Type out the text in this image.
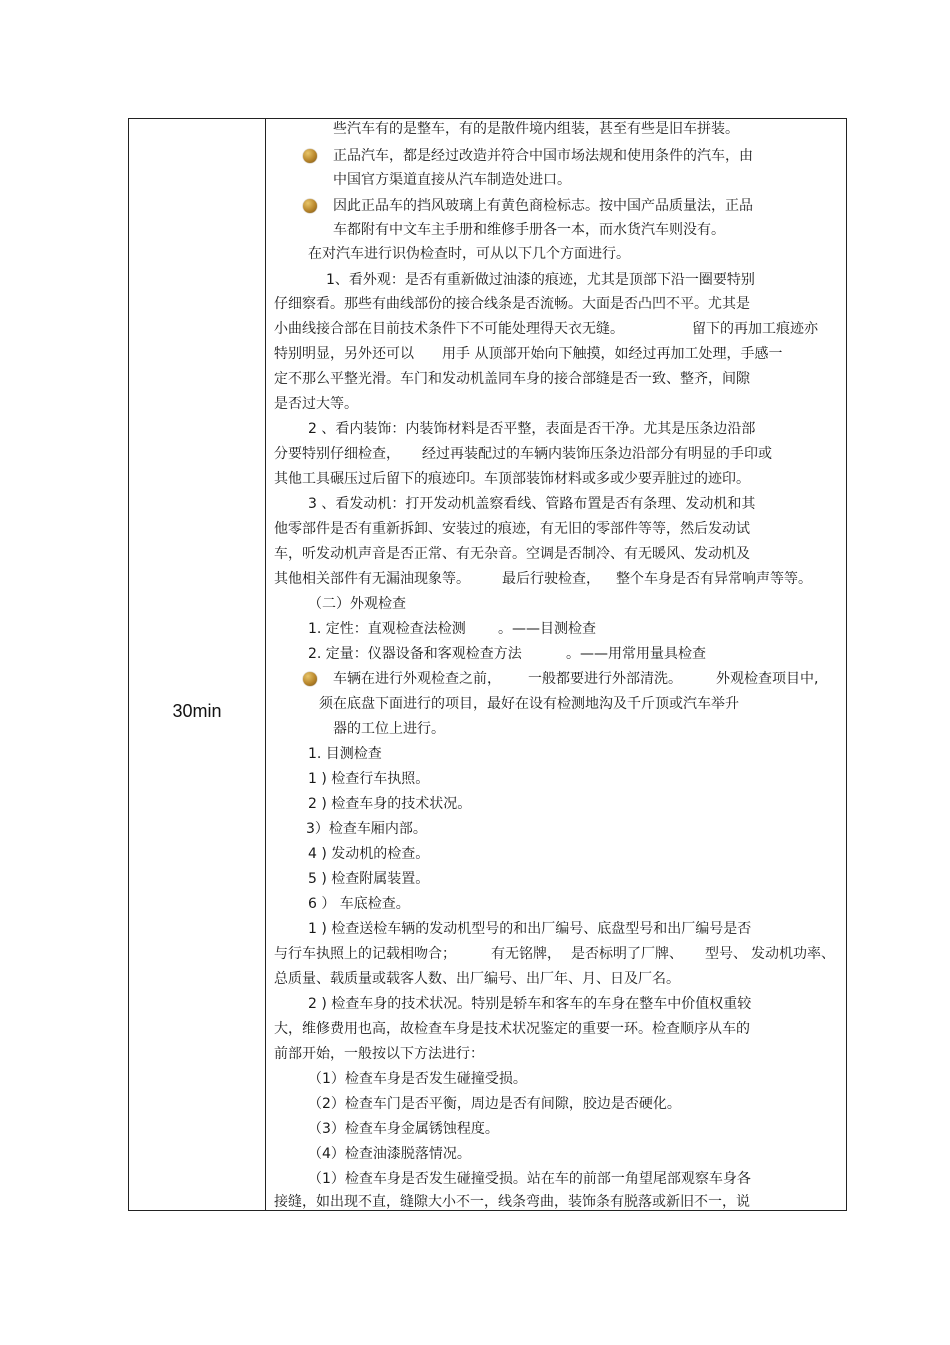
30min
些汽车有的是整车，有的是散件境内组装，甚至有些是旧车拼装。
正品汽车，都是经过改造并符合中国市场法规和使用条件的汽车，由
中国官方渠道直接从汽车制造处进口。
因此正品车的挡风玻璃上有黄色商检标志。按中国产品质量法，正品
车都附有中文车主手册和维修手册各一本，而水货汽车则没有。
在对汽车进行识伪检查时，可从以下几个方面进行。
1、看外观：是否有重新做过油漆的痕迹，尤其是顶部下沿一圈要特别
仔细察看。那些有曲线部份的接合线条是否流畅。大面是否凸凹不平。尤其是
小曲线接合部在目前技术条件下不可能处理得天衣无缝。	留下的再加工痕迹亦
特别明显，另外还可以 用手 从顶部开始向下触摸，如经过再加工处理，手感一
定不那么平整光滑。车门和发动机盖同车身的接合部缝是否一致、整齐，间隙
是否过大等。
2 、看内装饰：内装饰材料是否平整，表面是否干净。尤其是压条边沿部
分要特别仔细检查， 经过再装配过的车辆内装饰压条边沿部分有明显的手印或
其他工具碾压过后留下的痕迹印。车顶部装饰材料或多或少要弄脏过的迹印。
3 、看发动机：打开发动机盖察看线、管路布置是否有条理、发动机和其
他零部件是否有重新拆卸、安装过的痕迹，有无旧的零部件等等，然后发动试
车，听发动机声音是否正常、有无杂音。空调是否制冷、有无暖风、发动机及
其他相关部件有无漏油现象等。 最后行驶检查， 整个车身是否有异常响声等等。
（二）外观检查
1. 定性：直观检查法检测 。——目测检查
2. 定量：仪器设备和客观检查方法	。——用常用量具检查
车辆在进行外观检查之前， 一般都要进行外部清洗。 外观检查项目中,
须在底盘下面进行的项目，最好在设有检测地沟及千斤顶或汽车举升
器的工位上进行。
1. 目测检查
1 ) 检查行车执照。
2 ) 检查车身的技术状况。
3）检查车厢内部。
4 ) 发动机的检查。
5 ) 检查附属装置。
6 ） 车底检查。
1 ) 检查送检车辆的发动机型号的和出厂编号、底盘型号和出厂编号是否
与行车执照上的记载相吻合；	有无铭牌， 是否标明了厂牌、 型号、 发动机功率、
总质量、载质量或载客人数、出厂编号、出厂年、月、日及厂名。
2 ) 检查车身的技术状况。特别是轿车和客车的车身在整车中价值权重较
大，维修费用也高，故检查车身是技术状况鉴定的重要一环。检查顺序从车的
前部开始，一般按以下方法进行：
（1）检查车身是否发生碰撞受损。
（2）检查车门是否平衡，周边是否有间隙，胶边是否硬化。
（3）检查车身金属锈蚀程度。
（4）检查油漆脱落情况。
（1）检查车身是否发生碰撞受损。站在车的前部一角望尾部观察车身各
接缝，如出现不直，缝隙大小不一，线条弯曲，装饰条有脱落或新旧不一，说
